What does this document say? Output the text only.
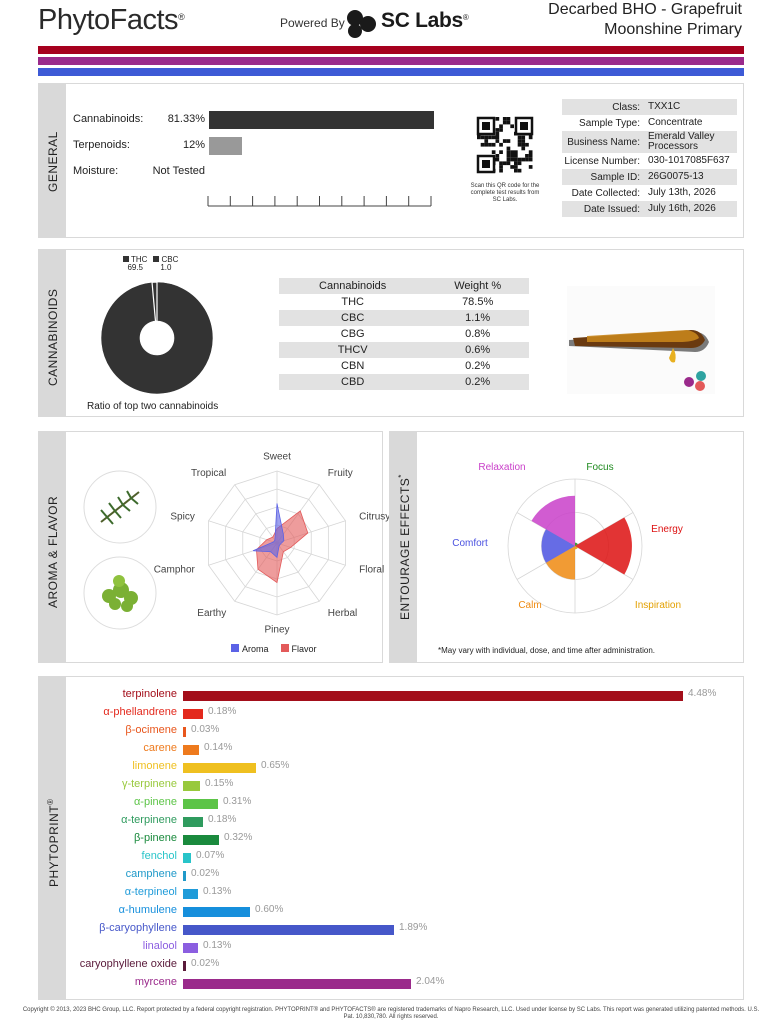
PhytoFacts®	Powered By SC Labs®	Decarbed BHO - Grapefruit
Moonshine Primary
GENERAL
Cannabinoids:	81.33%
Terpenoids:	12%
Moisture:	Not Tested
Scan this QR code for the complete test results from SC Labs.
Class:	TXX1C
Sample Type:	Concentrate
Business Name:	Emerald Valley Processors
License Number:	030-1017085F637
Sample ID:	26G0075-13
Date Collected:	July 13th, 2026
Date Issued:	July 16th, 2026
CANNABINOIDS
THC
69.5
CBC
1.0
Ratio of top two cannabinoids
Cannabinoids	Weight %
THC	78.5%
CBC	1.1%
CBG	0.8%
THCV	0.6%
CBN	0.2%
CBD	0.2%
AROMA & FLAVOR
Sweet
Fruity
Citrusy
Floral
Herbal
Piney
Earthy
Camphor
Spicy
Tropical
Aroma	Flavor
ENTOURAGE EFFECTS*
Relaxation	Focus
Energy
Inspiration
Calm
Comfort
*May vary with individual, dose, and time after administration.
PHYTOPRINT®
terpinolene	4.48%
α-phellandrene	0.18%
β-ocimene 0.03%
carene	0.14%
limonene	0.65%
γ-terpinene	0.15%
α-pinene	0.31%
α-terpinene	0.18%
β-pinene	0.32%
fenchol 0.07%
camphene 0.02%
α-terpineol	0.13%
α-humulene	0.60%
β-caryophyllene	1.89%
linalool	0.13%
caryophyllene oxide 0.02%
myrcene	2.04%
Copyright © 2013, 2023 BHC Group, LLC. Report protected by a federal copyright registration. PHYTOPRINT® and PHYTOFACTS® are registered trademarks of Napro Research, LLC. Used under license by SC Labs. This report was generated utilizing patented methods. U.S. Pat. 10,830,780. All rights reserved.
